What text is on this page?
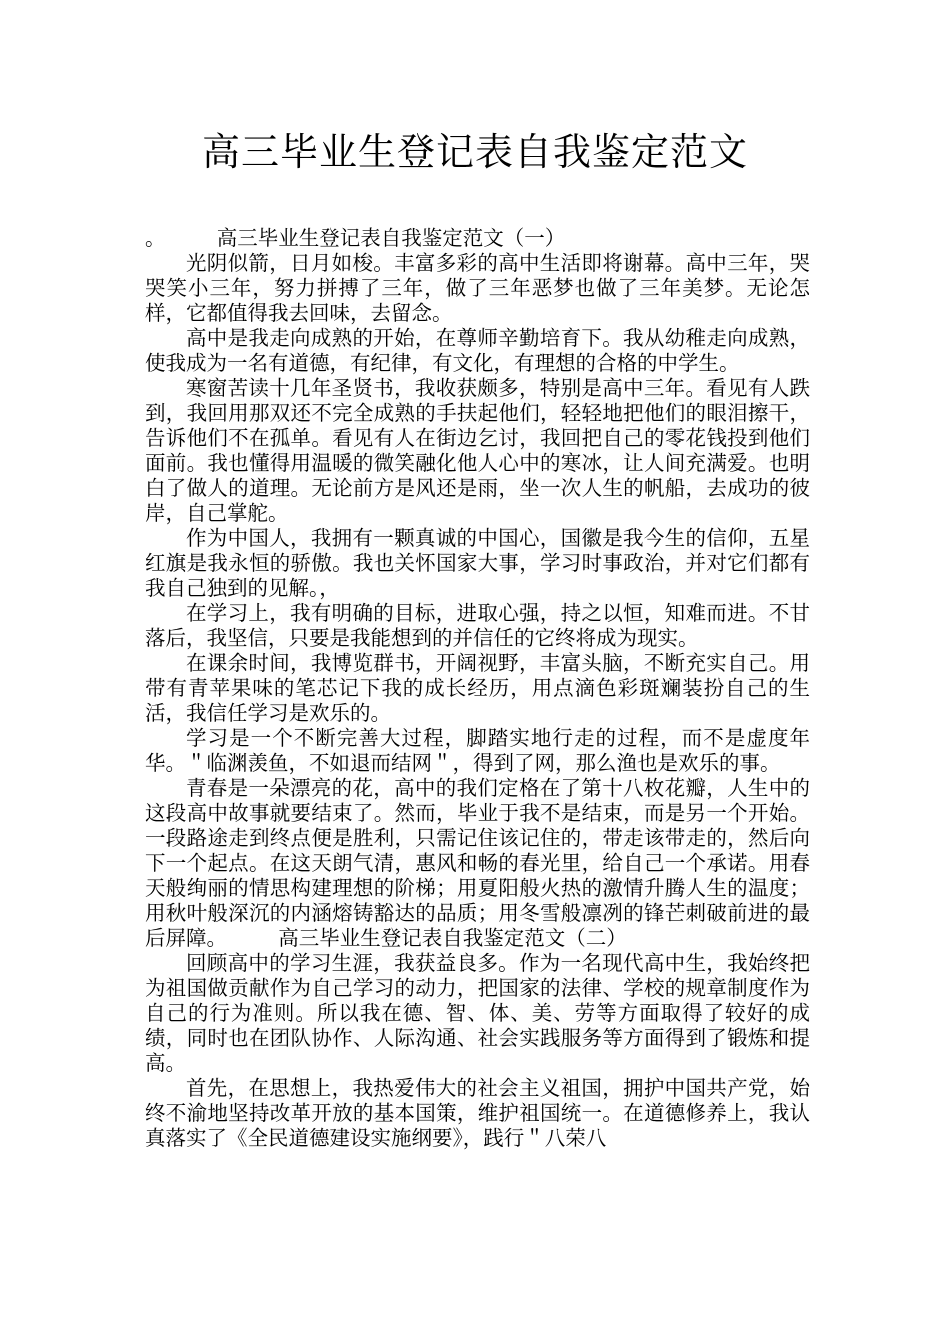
高三毕业生登记表自我鉴定范文

。	高三毕业生登记表自我鉴定范文（一）

光阴似箭，日月如梭。丰富多彩的高中生活即将谢幕。高中三年，哭哭笑小三年，努力拼搏了三年，做了三年恶梦也做了三年美梦。无论怎样，它都值得我去回味，去留念。

高中是我走向成熟的开始，在尊师辛勤培育下。我从幼稚走向成熟，使我成为一名有道德，有纪律，有文化，有理想的合格的中学生。

寒窗苦读十几年圣贤书，我收获颇多，特别是高中三年。看见有人跌到，我回用那双还不完全成熟的手扶起他们，轻轻地把他们的眼泪擦干，告诉他们不在孤单。看见有人在街边乞讨，我回把自己的零花钱投到他们面前。我也懂得用温暖的微笑融化他人心中的寒冰，让人间充满爱。也明白了做人的道理。无论前方是风还是雨，坐一次人生的帆船，去成功的彼岸，自己掌舵。

作为中国人，我拥有一颗真诚的中国心，国徽是我今生的信仰，五星红旗是我永恒的骄傲。我也关怀国家大事，学习时事政治，并对它们都有我自己独到的见解。，

在学习上，我有明确的目标，进取心强，持之以恒，知难而进。不甘落后，我坚信，只要是我能想到的并信任的它终将成为现实。

在课余时间，我博览群书，开阔视野，丰富头脑，不断充实自己。用带有青苹果味的笔芯记下我的成长经历，用点滴色彩斑斓装扮自己的生活，我信任学习是欢乐的。

学习是一个不断完善大过程，脚踏实地行走的过程，而不是虚度年华。＂临渊羡鱼，不如退而结网＂，得到了网，那么渔也是欢乐的事。

青春是一朵漂亮的花，高中的我们定格在了第十八枚花瓣，人生中的这段高中故事就要结束了。然而，毕业于我不是结束，而是另一个开始。一段路途走到终点便是胜利，只需记住该记住的，带走该带走的，然后向下一个起点。在这天朗气清，惠风和畅的春光里，给自己一个承诺。用春天般绚丽的情思构建理想的阶梯；用夏阳般火热的激情升腾人生的温度；用秋叶般深沉的内涵熔铸豁达的品质；用冬雪般凛冽的锋芒刺破前进的最后屏障。	高三毕业生登记表自我鉴定范文（二）

回顾高中的学习生涯，我获益良多。作为一名现代高中生，我始终把为祖国做贡献作为自己学习的动力，把国家的法律、学校的规章制度作为自己的行为准则。所以我在德、智、体、美、劳等方面取得了较好的成绩，同时也在团队协作、人际沟通、社会实践服务等方面得到了锻炼和提高。

首先，在思想上，我热爱伟大的社会主义祖国，拥护中国共产党，始终不渝地坚持改革开放的基本国策，维护祖国统一。在道德修养上，我认真落实了《全民道德建设实施纲要》，践行＂八荣八
